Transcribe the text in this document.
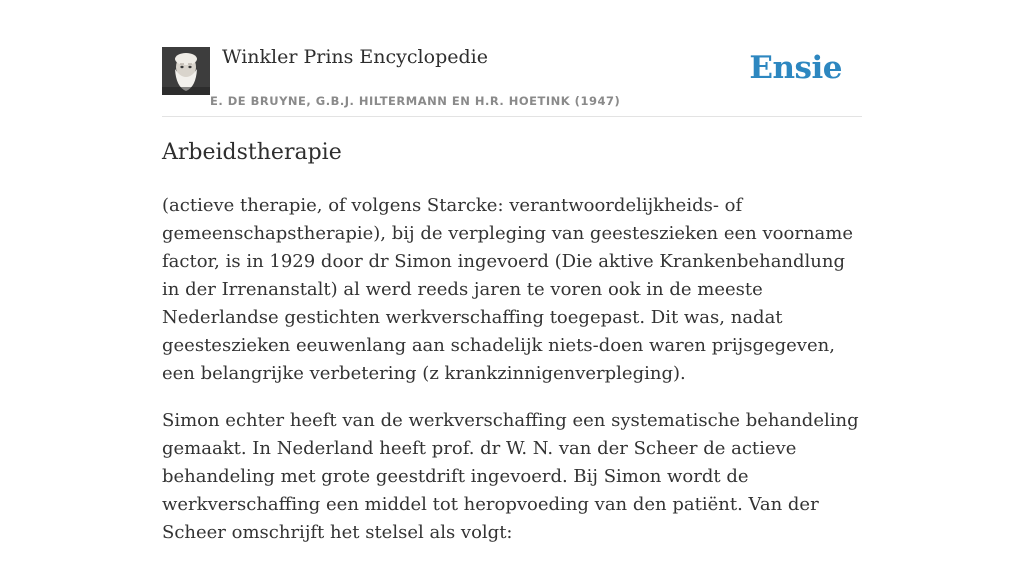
Winkler Prins Encyclopedie
E. DE BRUYNE, G.B.J. HILTERMANN EN H.R. HOETINK (1947)
Ensie
Arbeidstherapie

(actieve therapie, of volgens Starcke: verantwoordelijkheids- of gemeenschapstherapie), bij de verpleging van geesteszieken een voorname factor, is in 1929 door dr Simon ingevoerd (Die aktive Krankenbehandlung in der Irrenanstalt) al werd reeds jaren te voren ook in de meeste Nederlandse gestichten werkverschaffing toegepast. Dit was, nadat geesteszieken eeuwenlang aan schadelijk niets-doen waren prijsgegeven, een belangrijke verbetering (z krankzinnigenverpleging).

Simon echter heeft van de werkverschaffing een systematische behandeling gemaakt. In Nederland heeft prof. dr W. N. van der Scheer de actieve behandeling met grote geestdrift ingevoerd. Bij Simon wordt de werkverschaffing een middel tot heropvoeding van den patiënt. Van der Scheer omschrijft het stelsel als volgt:
